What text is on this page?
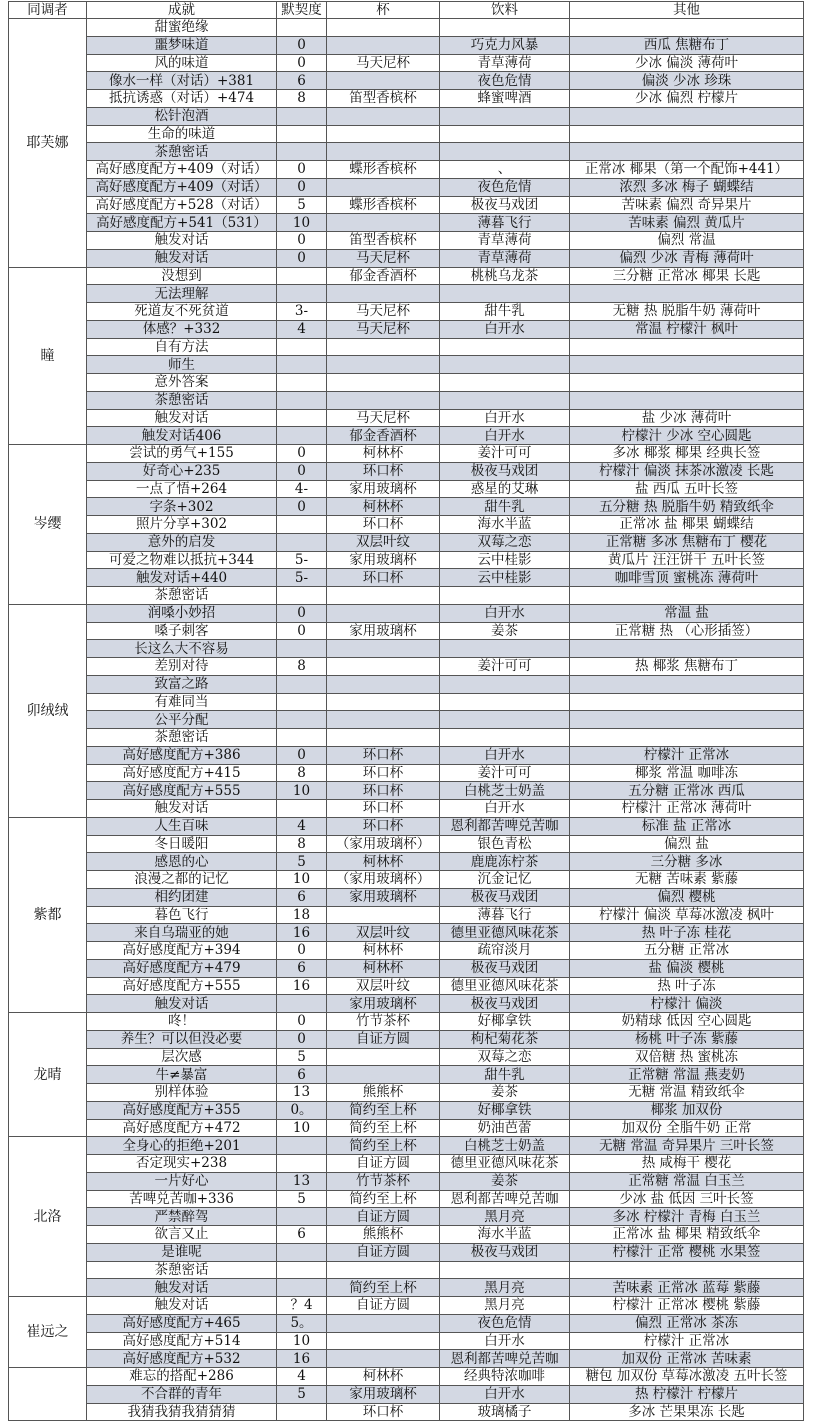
同调者	成就	默契度	杯	饮料	其他
耶芙娜	甜蜜绝缘				
	噩梦味道	0		巧克力风暴	西瓜 焦糖布丁
	风的味道	0	马天尼杯	青草薄荷	少冰 偏淡 薄荷叶
	像水一样（对话）+381	6		夜色危情	偏淡 少冰 珍珠
	抵抗诱惑（对话）+474	8	笛型香槟杯	蜂蜜啤酒	少冰 偏烈 柠檬片
	松针泡酒				
	生命的味道				
	茶憩密话				
	高好感度配方+409（对话）	0	蝶形香槟杯	、	正常冰 椰果（第一个配饰+441）
	高好感度配方+409（对话）	0		夜色危情	浓烈 多冰 梅子 蝴蝶结
	高好感度配方+528（对话）	5	蝶形香槟杯	极夜马戏团	苦味素 偏烈 奇异果片
	高好感度配方+541（531）	10		薄暮飞行	苦味素 偏烈 黄瓜片
	触发对话	0	笛型香槟杯	青草薄荷	偏烈 常温
	触发对话	0	马天尼杯	青草薄荷	偏烈 少冰 青梅 薄荷叶
瞳	没想到		郁金香酒杯	桃桃乌龙茶	三分糖 正常冰 椰果 长匙
	无法理解				
	死道友不死贫道	3-	马天尼杯	甜牛乳	无糖 热 脱脂牛奶 薄荷叶
	体感？+332	4	马天尼杯	白开水	常温 柠檬汁 枫叶
	自有方法				
	师生				
	意外答案				
	茶憩密话				
	触发对话		马天尼杯	白开水	盐 少冰 薄荷叶
	触发对话406		郁金香酒杯	白开水	柠檬汁 少冰 空心圆匙
岑缨	尝试的勇气+155	0	柯林杯	姜汁可可	多冰 椰浆 椰果 经典长签
	好奇心+235	0	环口杯	极夜马戏团	柠檬汁 偏淡 抹茶冰激凌 长匙
	一点了悟+264	4-	家用玻璃杯	惑星的艾琳	盐 西瓜 五叶长签
	字条+302	0	柯林杯	甜牛乳	五分糖 热 脱脂牛奶 精致纸伞
	照片分享+302		环口杯	海水半蓝	正常冰 盐 椰果 蝴蝶结
	意外的启发		双层叶纹	双莓之恋	正常糖 多冰 焦糖布丁 樱花
	可爱之物难以抵抗+344	5-	家用玻璃杯	云中桂影	黄瓜片 汪汪饼干 五叶长签
	触发对话+440	5-	环口杯	云中桂影	咖啡雪顶 蜜桃冻 薄荷叶
	茶憩密话				
卯绒绒	润嗓小妙招	0		白开水	常温 盐
	嗓子刺客	0	家用玻璃杯	姜茶	正常糖 热 （心形插签）
	长这么大不容易				
	差别对待	8		姜汁可可	热 椰浆 焦糖布丁
	致富之路				
	有难同当				
	公平分配				
	茶憩密话				
	高好感度配方+386	0	环口杯	白开水	柠檬汁 正常冰
	高好感度配方+415	8	环口杯	姜汁可可	椰浆 常温 咖啡冻
	高好感度配方+555	10	环口杯	白桃芝士奶盖	五分糖 正常冰 西瓜
	触发对话		环口杯	白开水	柠檬汁 正常冰 薄荷叶
紫都	人生百味	4	环口杯	恩利都苦啤兑苦咖	标准 盐 正常冰
	冬日暖阳	8	（家用玻璃杯）	银色青松	偏烈 盐
	感恩的心	5	柯林杯	鹿鹿冻柠茶	三分糖 多冰
	浪漫之都的记忆	10	（家用玻璃杯）	沉金记忆	无糖 苦味素 紫藤
	相约团建	6	家用玻璃杯	极夜马戏团	偏烈 樱桃
	暮色飞行	18		薄暮飞行	柠檬汁 偏淡 草莓冰激凌 枫叶
	来自乌瑞亚的她	16	双层叶纹	德里亚德风味花茶	热 叶子冻 桂花
	高好感度配方+394	0	柯林杯	疏帘淡月	五分糖 正常冰
	高好感度配方+479	6	柯林杯	极夜马戏团	盐 偏淡 樱桃
	高好感度配方+555	16	双层叶纹	德里亚德风味花茶	热 叶子冻
	触发对话		家用玻璃杯	极夜马戏团	柠檬汁 偏淡
龙晴	咚！	0	竹节茶杯	好椰拿铁	奶精球 低因 空心圆匙
	养生？可以但没必要	0	自证方圆	枸杞菊花茶	杨桃 叶子冻 紫藤
	层次感	5		双莓之恋	双倍糖 热 蜜桃冻
	牛≠暴富	6		甜牛乳	正常糖 常温 燕麦奶
	别样体验	13	熊熊杯	姜茶	无糖 常温 精致纸伞
	高好感度配方+355	0。	简约至上杯	好椰拿铁	椰浆 加双份
	高好感度配方+472	10	简约至上杯	奶油芭蕾	加双份 全脂牛奶 正常
北洛	全身心的拒绝+201		简约至上杯	白桃芝士奶盖	无糖 常温 奇异果片 三叶长签
	否定现实+238		自证方圆	德里亚德风味花茶	热 咸梅干 樱花
	一片好心	13	竹节茶杯	姜茶	正常糖 常温 白玉兰
	苦啤兑苦咖+336	5	简约至上杯	恩利都苦啤兑苦咖	少冰 盐 低因 三叶长签
	严禁醉驾		自证方圆	黑月亮	多冰 柠檬汁 青梅 白玉兰
	欲言又止	6	熊熊杯	海水半蓝	正常冰 盐 椰果 精致纸伞
	是谁呢		自证方圆	极夜马戏团	柠檬汁 正常 樱桃 水果签
	茶憩密话				
	触发对话		简约至上杯	黑月亮	苦味素 正常冰 蓝莓 紫藤
崔远之	触发对话	？4	自证方圆	黑月亮	柠檬汁 正常冰 樱桃 紫藤
	高好感度配方+465	5。		夜色危情	偏烈 正常冰 茶冻
	高好感度配方+514	10		白开水	柠檬汁 正常冰
	高好感度配方+532	16		恩利都苦啤兑苦咖	加双份 正常冰 苦味素
	难忘的搭配+286	4	柯林杯	经典特浓咖啡	糖包 加双份 草莓冰激凌 五叶长签
	不合群的青年	5	家用玻璃杯	白开水	热 柠檬汁 柠檬片
	我猜我猜我猜猜猜		环口杯	玻璃橘子	多冰 芒果果冻 长匙
